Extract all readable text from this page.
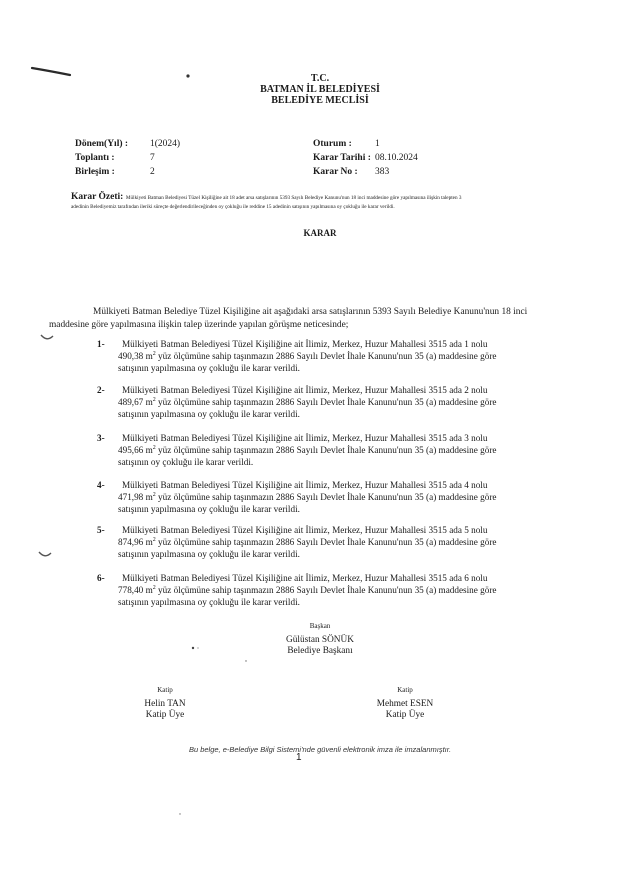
T.C.
BATMAN İL BELEDİYESİ
BELEDİYE MECLİSİ
Dönem(Yıl) : 1(2024)
Toplantı :	7
Birleşim :	2
Oturum : 1
Karar Tarihi : 08.10.2024
Karar No : 383
Karar Özeti: Mülkiyeti Batman Belediyesi Tüzel Kişiliğine ait 18 adet arsa satışlarının 5393 Sayılı Belediye Kanunu'nun 18 inci maddesine göre yapılmasına ilişkin talepten 3
adedinin Belediyemiz tarafından ileriki süreçte değerlendirileceğinden oy çokluğu ile reddine 15 adedinin satışının yapılmasına oy çokluğu ile karar verildi.
KARAR
Mülkiyeti Batman Belediye Tüzel Kişiliğine ait aşağıdaki arsa satışlarının 5393 Sayılı Belediye Kanunu'nun 18 inci
maddesine göre yapılmasına ilişkin talep üzerinde yapılan görüşme neticesinde;
1- Mülkiyeti Batman Belediyesi Tüzel Kişiliğine ait İlimiz, Merkez, Huzur Mahallesi 3515 ada 1 nolu
490,38 $m^2$ yüz ölçümüne sahip taşınmazın 2886 Sayılı Devlet İhale Kanunu'nun 35 (a) maddesine göre
satışının yapılmasına oy çokluğu ile karar verildi.
2- Mülkiyeti Batman Belediyesi Tüzel Kişiliğine ait İlimiz, Merkez, Huzur Mahallesi 3515 ada 2 nolu
489,67 $m^2$ yüz ölçümüne sahip taşınmazın 2886 Sayılı Devlet İhale Kanunu'nun 35 (a) maddesine göre
satışının yapılmasına oy çokluğu ile karar verildi.
3- Mülkiyeti Batman Belediyesi Tüzel Kişiliğine ait İlimiz, Merkez, Huzur Mahallesi 3515 ada 3 nolu
495,66 $m^2$ yüz ölçümüne sahip taşınmazın 2886 Sayılı Devlet İhale Kanunu'nun 35 (a) maddesine göre
satışının oy çokluğu ile karar verildi.
4- Mülkiyeti Batman Belediyesi Tüzel Kişiliğine ait İlimiz, Merkez, Huzur Mahallesi 3515 ada 4 nolu
471,98 $m^2$ yüz ölçümüne sahip taşınmazın 2886 Sayılı Devlet İhale Kanunu'nun 35 (a) maddesine göre
satışının yapılmasına oy çokluğu ile karar verildi.
5- Mülkiyeti Batman Belediyesi Tüzel Kişiliğine ait İlimiz, Merkez, Huzur Mahallesi 3515 ada 5 nolu
874,96 $m^2$ yüz ölçümüne sahip taşınmazın 2886 Sayılı Devlet İhale Kanunu'nun 35 (a) maddesine göre
satışının yapılmasına oy çokluğu ile karar verildi.
6- Mülkiyeti Batman Belediyesi Tüzel Kişiliğine ait İlimiz, Merkez, Huzur Mahallesi 3515 ada 6 nolu
778,40 $m^2$ yüz ölçümüne sahip taşınmazın 2886 Sayılı Devlet İhale Kanunu'nun 35 (a) maddesine göre
satışının yapılmasına oy çokluğu ile karar verildi.
Başkan
Gülüstan SÖNÜK
Belediye Başkanı
Katip
Helin TAN
Katip Üye
Katip
Mehmet ESEN
Katip Üye
Bu belge, e-Belediye Bilgi Sistemi'nde güvenli elektronik imza ile imzalanmıştır.
1
